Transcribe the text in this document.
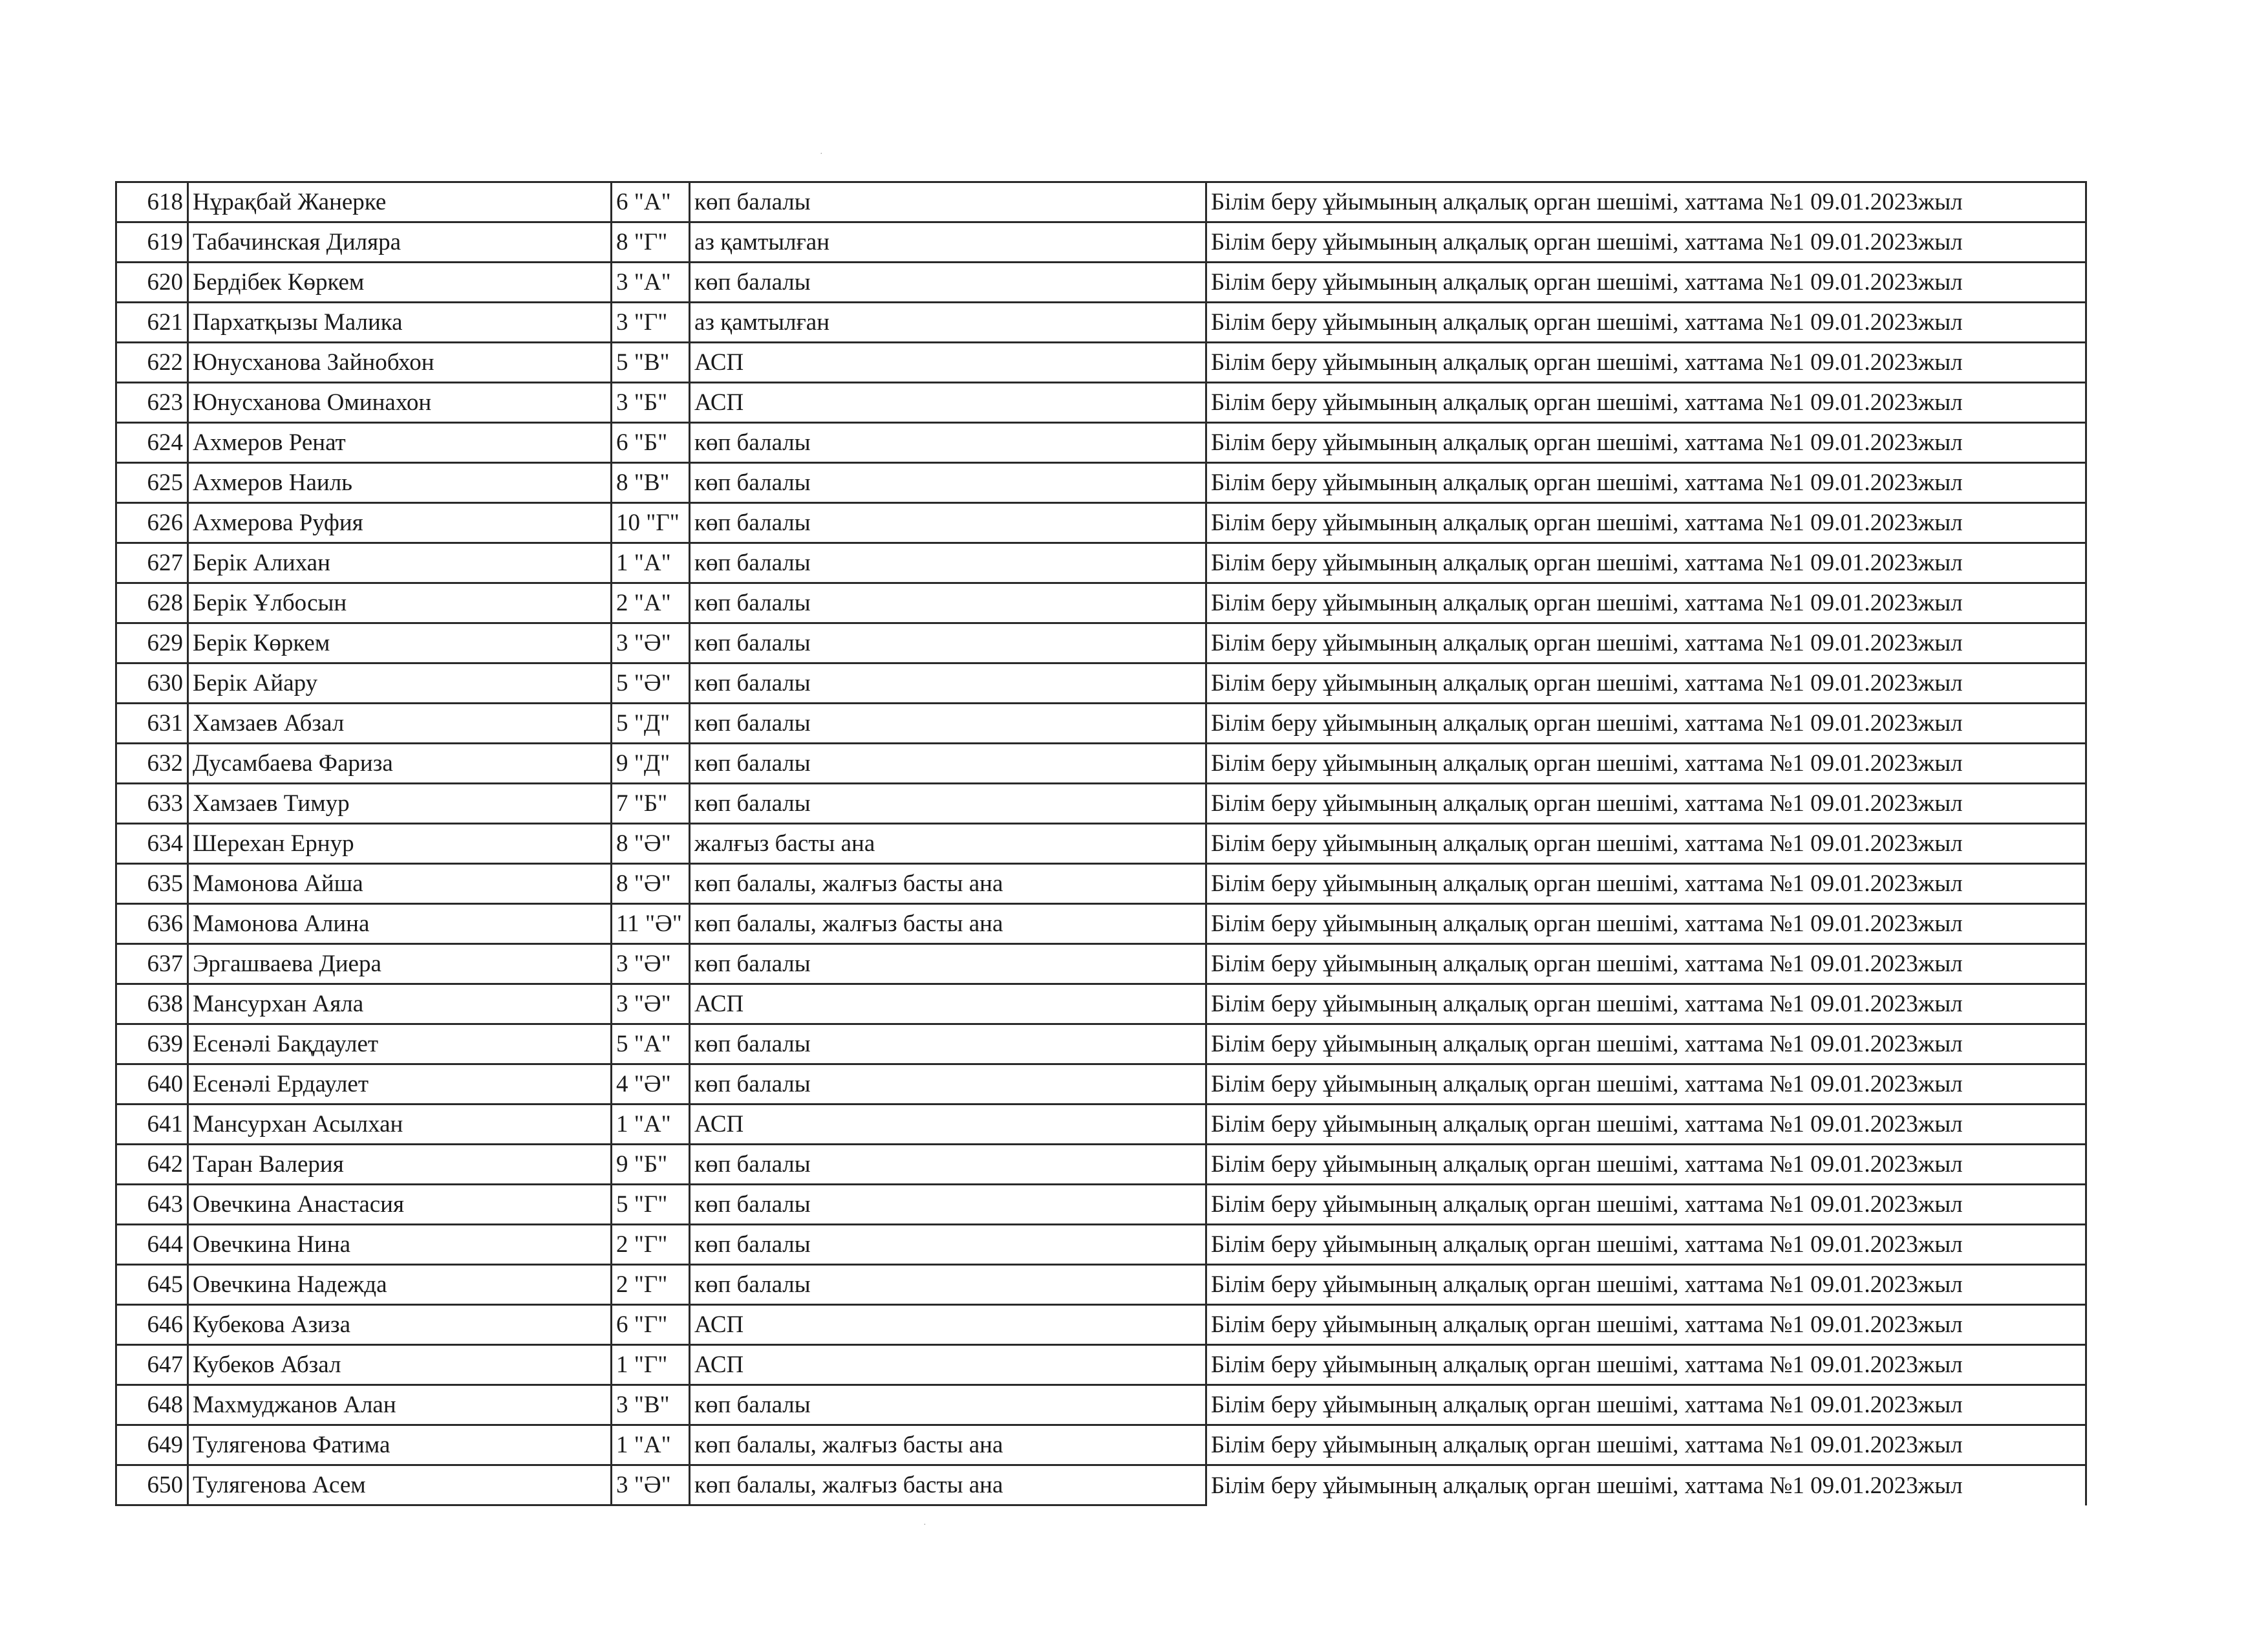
·
·
618	Нұрақбай Жанерке	6 "А"	көп балалы	Білім беру ұйымының алқалық орган шешімі, хаттама №1 09.01.2023жыл
619	Табачинская Диляра	8 "Г"	аз қамтылған	Білім беру ұйымының алқалық орган шешімі, хаттама №1 09.01.2023жыл
620	Бердібек Көркем	3 "А"	көп балалы	Білім беру ұйымының алқалық орган шешімі, хаттама №1 09.01.2023жыл
621	Пархатқызы Малика	3 "Г"	аз қамтылған	Білім беру ұйымының алқалық орган шешімі, хаттама №1 09.01.2023жыл
622	Юнусханова Зайнобхон	5 "В"	АСП	Білім беру ұйымының алқалық орган шешімі, хаттама №1 09.01.2023жыл
623	Юнусханова Оминахон	3 "Б"	АСП	Білім беру ұйымының алқалық орган шешімі, хаттама №1 09.01.2023жыл
624	Ахмеров Ренат	6 "Б"	көп балалы	Білім беру ұйымының алқалық орган шешімі, хаттама №1 09.01.2023жыл
625	Ахмеров Наиль	8 "В"	көп балалы	Білім беру ұйымының алқалық орган шешімі, хаттама №1 09.01.2023жыл
626	Ахмерова Руфия	10 "Г"	көп балалы	Білім беру ұйымының алқалық орган шешімі, хаттама №1 09.01.2023жыл
627	Берік Алихан	1 "А"	көп балалы	Білім беру ұйымының алқалық орган шешімі, хаттама №1 09.01.2023жыл
628	Берік Ұлбосын	2 "А"	көп балалы	Білім беру ұйымының алқалық орган шешімі, хаттама №1 09.01.2023жыл
629	Берік Көркем	3 "Ә"	көп балалы	Білім беру ұйымының алқалық орган шешімі, хаттама №1 09.01.2023жыл
630	Берік Айару	5 "Ә"	көп балалы	Білім беру ұйымының алқалық орган шешімі, хаттама №1 09.01.2023жыл
631	Хамзаев Абзал	5 "Д"	көп балалы	Білім беру ұйымының алқалық орган шешімі, хаттама №1 09.01.2023жыл
632	Дусамбаева Фариза	9 "Д"	көп балалы	Білім беру ұйымының алқалық орган шешімі, хаттама №1 09.01.2023жыл
633	Хамзаев Тимур	7 "Б"	көп балалы	Білім беру ұйымының алқалық орган шешімі, хаттама №1 09.01.2023жыл
634	Шерехан Ернур	8 "Ә"	жалғыз басты ана	Білім беру ұйымының алқалық орган шешімі, хаттама №1 09.01.2023жыл
635	Мамонова Айша	8 "Ә"	көп балалы, жалғыз басты ана	Білім беру ұйымының алқалық орган шешімі, хаттама №1 09.01.2023жыл
636	Мамонова Алина	11 "Ә"	көп балалы, жалғыз басты ана	Білім беру ұйымының алқалық орган шешімі, хаттама №1 09.01.2023жыл
637	Эргашваева Диера	3 "Ә"	көп балалы	Білім беру ұйымының алқалық орган шешімі, хаттама №1 09.01.2023жыл
638	Мансурхан Аяла	3 "Ә"	АСП	Білім беру ұйымының алқалық орган шешімі, хаттама №1 09.01.2023жыл
639	Есенәлі Бақдаулет	5 "А"	көп балалы	Білім беру ұйымының алқалық орган шешімі, хаттама №1 09.01.2023жыл
640	Есенәлі Ердаулет	4 "Ә"	көп балалы	Білім беру ұйымының алқалық орган шешімі, хаттама №1 09.01.2023жыл
641	Мансурхан Асылхан	1 "А"	АСП	Білім беру ұйымының алқалық орган шешімі, хаттама №1 09.01.2023жыл
642	Таран Валерия	9 "Б"	көп балалы	Білім беру ұйымының алқалық орган шешімі, хаттама №1 09.01.2023жыл
643	Овечкина Анастасия	5 "Г"	көп балалы	Білім беру ұйымының алқалық орган шешімі, хаттама №1 09.01.2023жыл
644	Овечкина Нина	2 "Г"	көп балалы	Білім беру ұйымының алқалық орган шешімі, хаттама №1 09.01.2023жыл
645	Овечкина Надежда	2 "Г"	көп балалы	Білім беру ұйымының алқалық орган шешімі, хаттама №1 09.01.2023жыл
646	Кубекова Азиза	6 "Г"	АСП	Білім беру ұйымының алқалық орган шешімі, хаттама №1 09.01.2023жыл
647	Кубеков Абзал	1 "Г"	АСП	Білім беру ұйымының алқалық орган шешімі, хаттама №1 09.01.2023жыл
648	Махмуджанов Алан	3 "В"	көп балалы	Білім беру ұйымының алқалық орган шешімі, хаттама №1 09.01.2023жыл
649	Тулягенова Фатима	1 "А"	көп балалы, жалғыз басты ана	Білім беру ұйымының алқалық орган шешімі, хаттама №1 09.01.2023жыл
650	Тулягенова Асем	3 "Ә"	көп балалы, жалғыз басты ана	Білім беру ұйымының алқалық орган шешімі, хаттама №1 09.01.2023жыл
